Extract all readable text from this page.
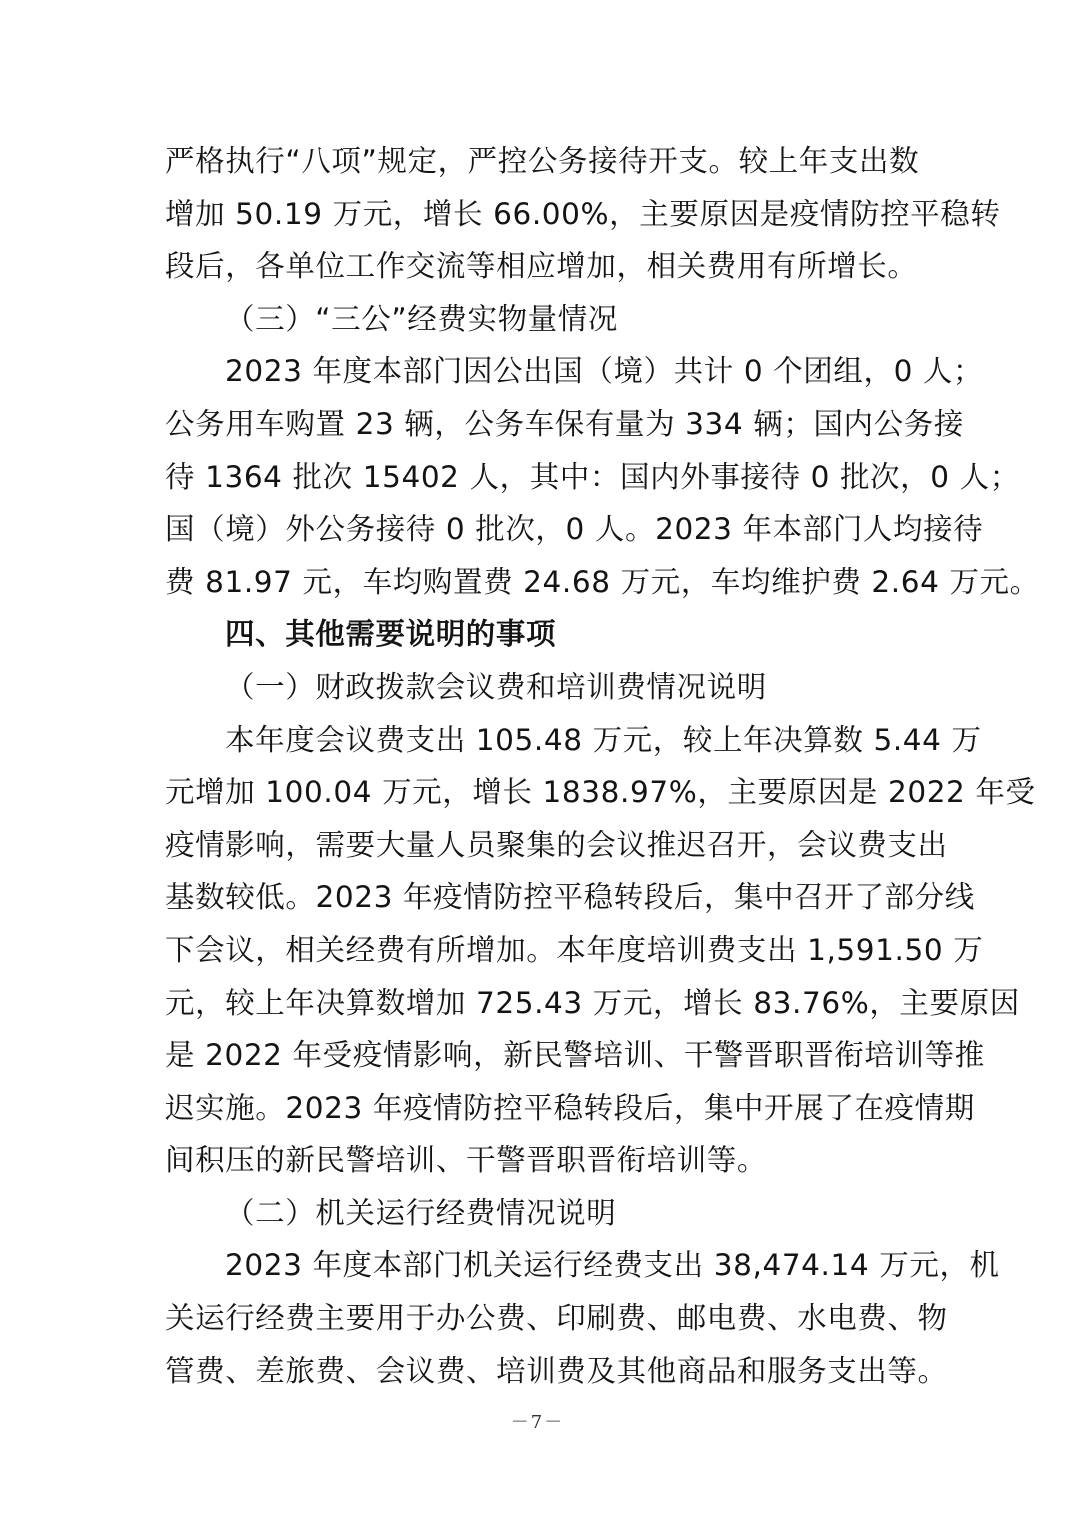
严格执行“八项”规定，严控公务接待开支。较上年支出数
增加 50.19 万元，增长 66.00%，主要原因是疫情防控平稳转
段后，各单位工作交流等相应增加，相关费用有所增长。
（三）“三公”经费实物量情况
2023 年度本部门因公出国（境）共计 0 个团组，0 人；
公务用车购置 23 辆，公务车保有量为 334 辆；国内公务接
待 1364 批次 15402 人，其中：国内外事接待 0 批次，0 人；
国（境）外公务接待 0 批次，0 人。2023 年本部门人均接待
费 81.97 元，车均购置费 24.68 万元，车均维护费 2.64 万元。
四、其他需要说明的事项
（一）财政拨款会议费和培训费情况说明
本年度会议费支出 105.48 万元，较上年决算数 5.44 万
元增加 100.04 万元，增长 1838.97%，主要原因是 2022 年受
疫情影响，需要大量人员聚集的会议推迟召开，会议费支出
基数较低。2023 年疫情防控平稳转段后，集中召开了部分线
下会议，相关经费有所增加。本年度培训费支出 1,591.50 万
元，较上年决算数增加 725.43 万元，增长 83.76%，主要原因
是 2022 年受疫情影响，新民警培训、干警晋职晋衔培训等推
迟实施。2023 年疫情防控平稳转段后，集中开展了在疫情期
间积压的新民警培训、干警晋职晋衔培训等。
（二）机关运行经费情况说明
2023 年度本部门机关运行经费支出 38,474.14 万元，机
关运行经费主要用于办公费、印刷费、邮电费、水电费、物
管费、差旅费、会议费、培训费及其他商品和服务支出等。
－7－
